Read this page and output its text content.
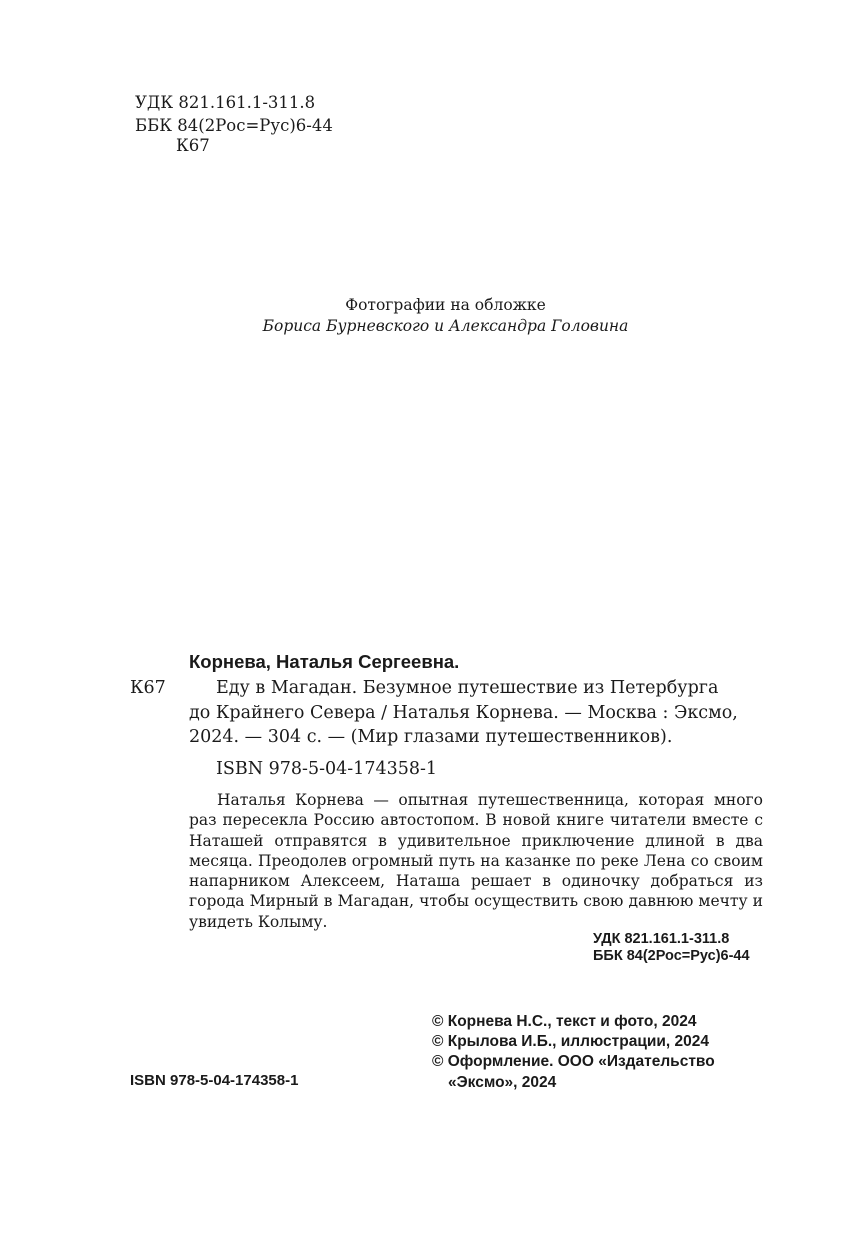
УДК 821.161.1-311.8
ББК 84(2Рос=Рус)6-44
К67
Фотографии на обложке
Бориса Бурневского и Александра Головина
Корнева, Наталья Сергеевна.
К67	Еду в Магадан. Безумное путешествие из Петербурга
до Крайнего Севера / Наталья Корнева. — Москва : Эксмо,
2024. — 304 с. — (Мир глазами путешественников).
ISBN 978-5-04-174358-1
Наталья Корнева — опытная путешественница, которая много раз пересекла Россию автостопом. В новой книге читатели вместе с Наташей отправятся в удивительное приключение длиной в два месяца. Преодолев огромный путь на казанке по реке Лена со своим напарником Алексеем, Наташа решает в одиночку добраться из города Мирный в Магадан, чтобы осуществить свою давнюю мечту и увидеть Колыму.
УДК 821.161.1-311.8
ББК 84(2Рос=Рус)6-44
© Корнева Н.С., текст и фото, 2024
© Крылова И.Б., иллюстрации, 2024
© Оформление. ООО «Издательство
«Эксмо», 2024
ISBN 978-5-04-174358-1
